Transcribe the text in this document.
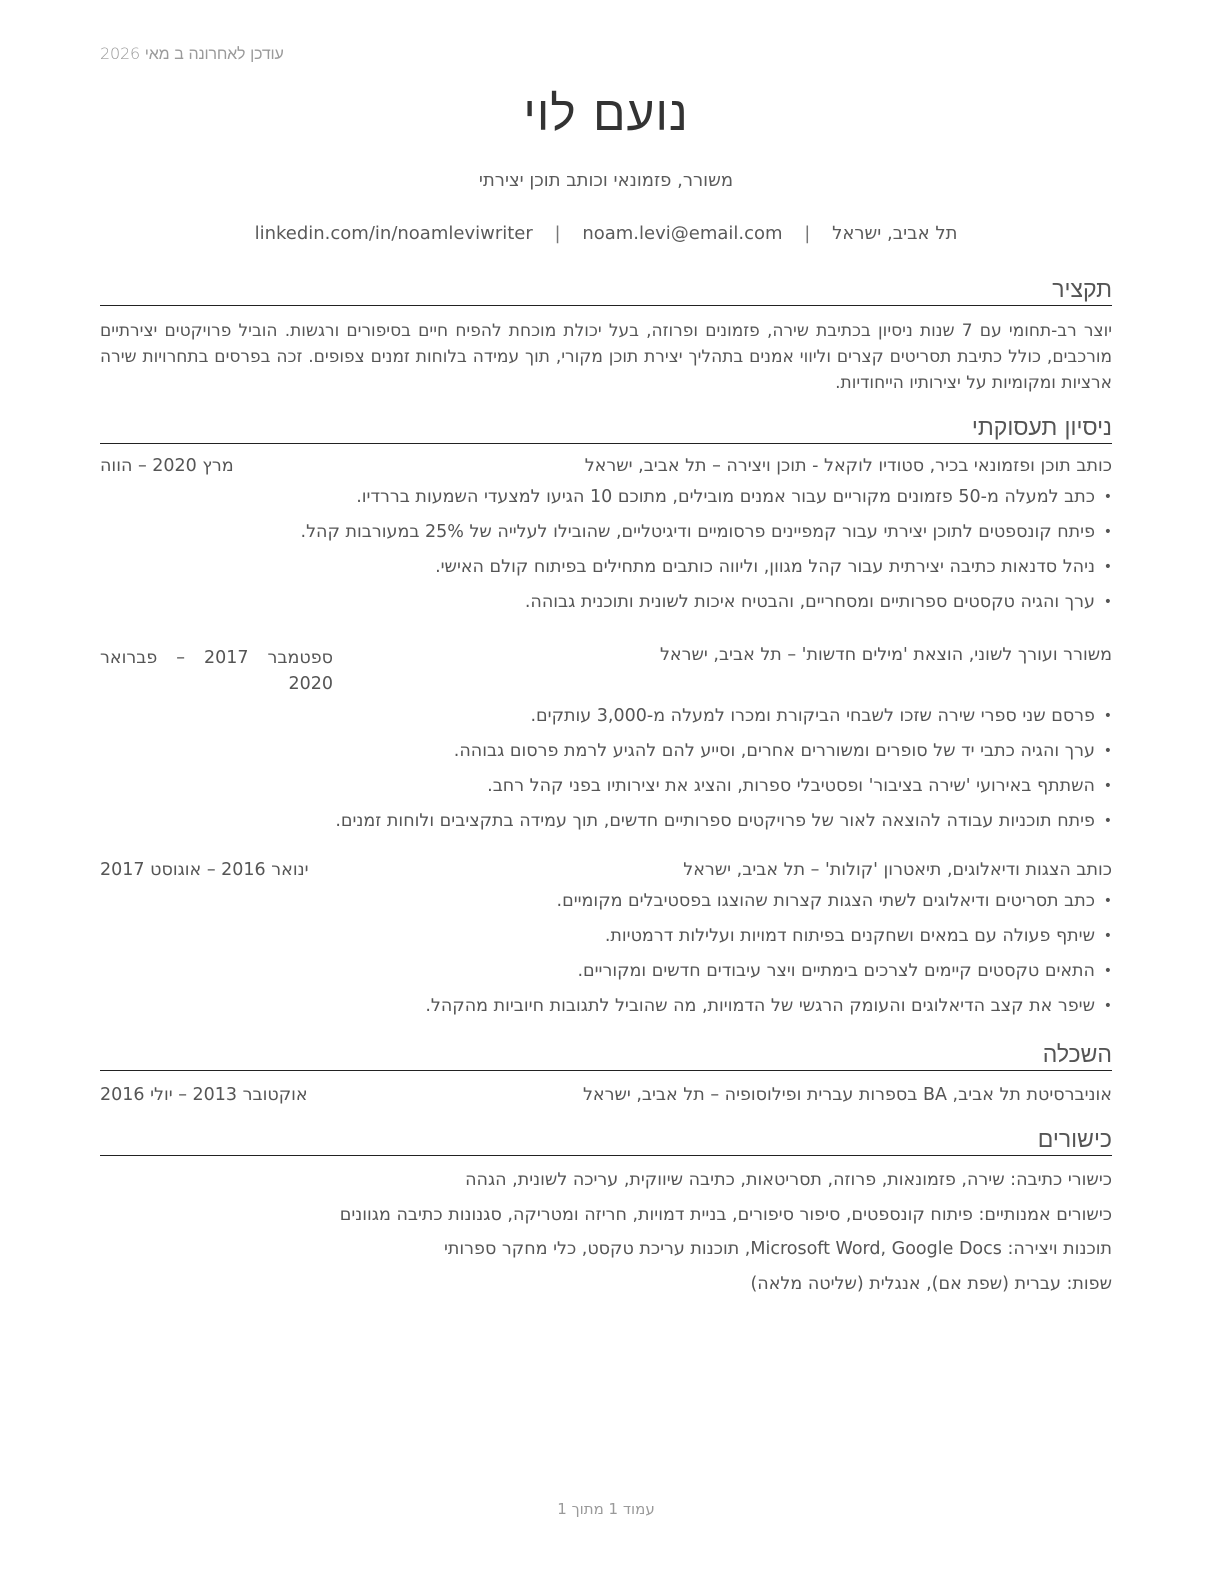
עודכן לאחרונה ב מאי 2026
נועם לוי
משורר, פזמונאי וכותב תוכן יצירתי
תל אביב, ישראל | noam.levi@email.com | linkedin.com/in/noamleviwriter
תקציר
יוצר רב-תחומי עם 7 שנות ניסיון בכתיבת שירה, פזמונים ופרוזה, בעל יכולת מוכחת להפיח חיים בסיפורים ורגשות. הוביל פרויקטים יצירתיים מורכבים, כולל כתיבת תסריטים קצרים וליווי אמנים בתהליך יצירת תוכן מקורי, תוך עמידה בלוחות זמנים צפופים. זכה בפרסים בתחרויות שירה ארציות ומקומיות על יצירותיו הייחודיות.
ניסיון תעסוקתי
כותב תוכן ופזמונאי בכיר, סטודיו לוקאל - תוכן ויצירה – תל אביב, ישראל
מרץ 2020 – הווה
• כתב למעלה מ-50 פזמונים מקוריים עבור אמנים מובילים, מתוכם 10 הגיעו למצעדי השמעות בררדיו.
• פיתח קונספטים לתוכן יצירתי עבור קמפיינים פרסומיים ודיגיטליים, שהובילו לעלייה של 25% במעורבות קהל.
• ניהל סדנאות כתיבה יצירתית עבור קהל מגוון, וליווה כותבים מתחילים בפיתוח קולם האישי.
• ערך והגיה טקסטים ספרותיים ומסחריים, והבטיח איכות לשונית ותוכנית גבוהה.
משורר ועורך לשוני, הוצאת 'מילים חדשות' – תל אביב, ישראל
ספטמבר 2017 – פברואר 2020
• פרסם שני ספרי שירה שזכו לשבחי הביקורת ומכרו למעלה מ-3,000 עותקים.
• ערך והגיה כתבי יד של סופרים ומשוררים אחרים, וסייע להם להגיע לרמת פרסום גבוהה.
• השתתף באירועי 'שירה בציבור' ופסטיבלי ספרות, והציג את יצירותיו בפני קהל רחב.
• פיתח תוכניות עבודה להוצאה לאור של פרויקטים ספרותיים חדשים, תוך עמידה בתקציבים ולוחות זמנים.
כותב הצגות ודיאלוגים, תיאטרון 'קולות' – תל אביב, ישראל
ינואר 2016 – אוגוסט 2017
• כתב תסריטים ודיאלוגים לשתי הצגות קצרות שהוצגו בפסטיבלים מקומיים.
• שיתף פעולה עם במאים ושחקנים בפיתוח דמויות ועלילות דרמטיות.
• התאים טקסטים קיימים לצרכים בימתיים ויצר עיבודים חדשים ומקוריים.
• שיפר את קצב הדיאלוגים והעומק הרגשי של הדמויות, מה שהוביל לתגובות חיוביות מהקהל.
השכלה
אוניברסיטת תל אביב, BA בספרות עברית ופילוסופיה – תל אביב, ישראל
אוקטובר 2013 – יולי 2016
כישורים
כישורי כתיבה: שירה, פזמונאות, פרוזה, תסריטאות, כתיבה שיווקית, עריכה לשונית, הגהה
כישורים אמנותיים: פיתוח קונספטים, סיפור סיפורים, בניית דמויות, חריזה ומטריקה, סגנונות כתיבה מגוונים
תוכנות ויצירה: Microsoft Word, Google Docs, תוכנות עריכת טקסט, כלי מחקר ספרותי
שפות: עברית (שפת אם), אנגלית (שליטה מלאה)
עמוד 1 מתוך 1
